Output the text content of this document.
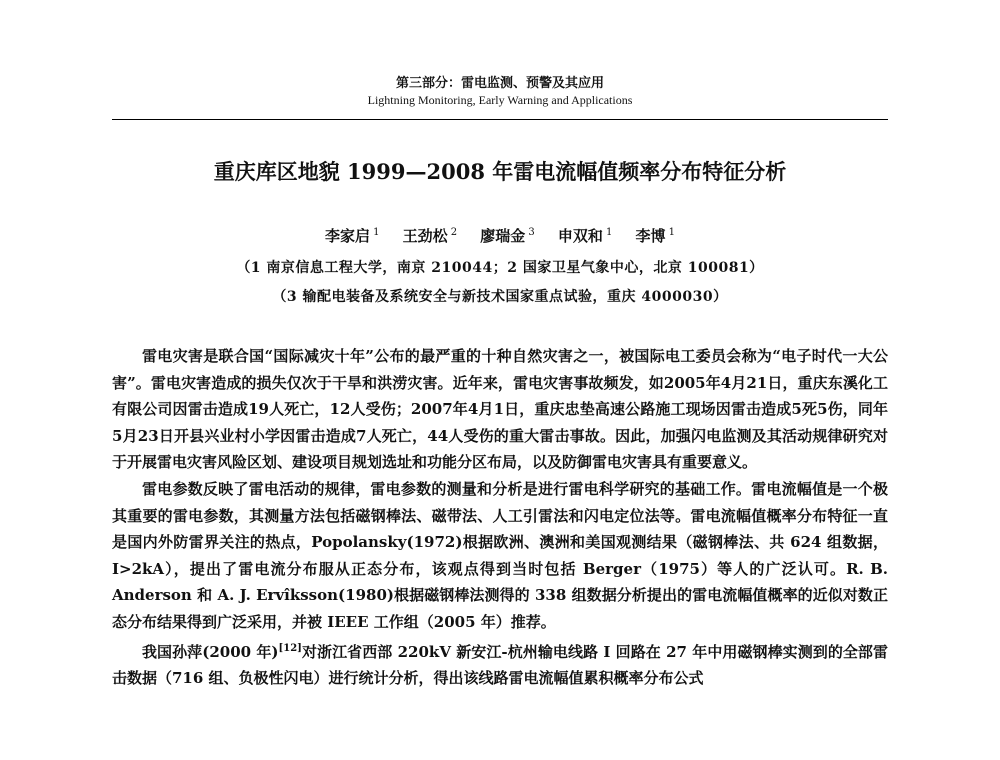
第三部分：雷电监测、预警及其应用
Lightning Monitoring, Early Warning and Applications
重庆库区地貌 1999—2008 年雷电流幅值频率分布特征分析
李家启 $^1$ 王劲松 $^2$ 廖瑞金 $^3$ 申双和 $^1$ 李博 $^1$
（1 南京信息工程大学，南京 210044；2 国家卫星气象中心，北京 100081）
（3 输配电装备及系统安全与新技术国家重点试验，重庆 4000030）

雷电灾害是联合国“国际减灾十年”公布的最严重的十种自然灾害之一，被国际电工委员会称为“电子时代一大公害”。雷电灾害造成的损失仅次于干旱和洪涝灾害。近年来，雷电灾害事故频发，如2005年4月21日，重庆东溪化工有限公司因雷击造成19人死亡，12人受伤；2007年4月1日，重庆忠垫高速公路施工现场因雷击造成5死5伤，同年5月23日开县兴业村小学因雷击造成7人死亡，44人受伤的重大雷击事故。因此，加强闪电监测及其活动规律研究对于开展雷电灾害风险区划、建设项目规划选址和功能分区布局，以及防御雷电灾害具有重要意义。

雷电参数反映了雷电活动的规律，雷电参数的测量和分析是进行雷电科学研究的基础工作。雷电流幅值是一个极其重要的雷电参数，其测量方法包括磁钢棒法、磁带法、人工引雷法和闪电定位法等。雷电流幅值概率分布特征一直是国内外防雷界关注的热点，Popolansky(1972)根据欧洲、澳洲和美国观测结果（磁钢棒法、共 624 组数据，I>2kA），提出了雷电流分布服从正态分布，该观点得到当时包括 Berger（1975）等人的广泛认可。R. B. Anderson 和 A. J. Ervîksson(1980)根据磁钢棒法测得的 338 组数据分析提出的雷电流幅值概率的近似对数正态分布结果得到广泛采用，并被 IEEE 工作组（2005 年）推荐。

我国孙萍(2000 年)[12]对浙江省西部 220kV 新安江-杭州输电线路 I 回路在 27 年中用磁钢棒实测到的全部雷击数据（716 组、负极性闪电）进行统计分析，得出该线路雷电流幅值累积概率分布公式
